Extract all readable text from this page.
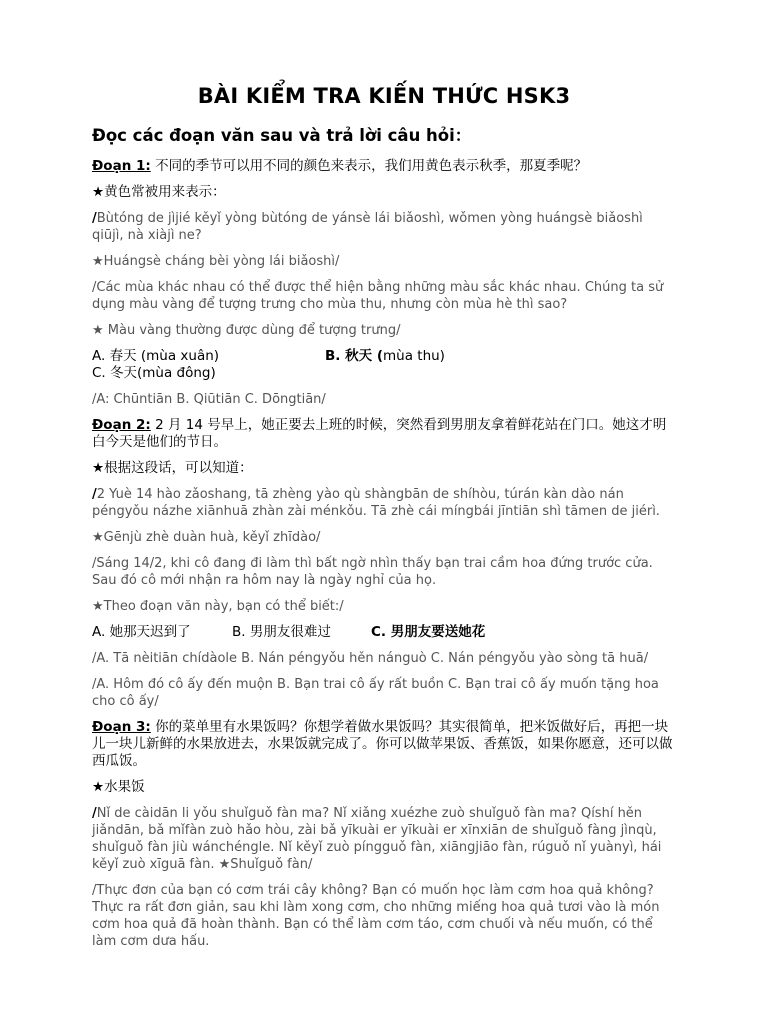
BÀI KIỂM TRA KIẾN THỨC HSK3
Đọc các đoạn văn sau và trả lời câu hỏi：
Đoạn 1: 不同的季节可以用不同的颜色来表示，我们用黄色表示秋季，那夏季呢？
★黄色常被用来表示：
/Bùtóng de jìjié kěyǐ yòng bùtóng de yánsè lái biǎoshì, wǒmen yòng huángsè biǎoshì qiūjì, nà xiàjì ne?
★Huángsè cháng bèi yòng lái biǎoshì/
/Các mùa khác nhau có thể được thể hiện bằng những màu sắc khác nhau. Chúng ta sử dụng màu vàng để tượng trưng cho mùa thu, nhưng còn mùa hè thì sao?
★ Màu vàng thường được dùng để tượng trưng/
A. 春天 (mùa xuân)	B. 秋天 (mùa thu)C. 冬天(mùa đông)
/A: Chūntiān B. Qiūtiān C. Dōngtiān/
Đoạn 2: 2 月 14 号早上，她正要去上班的时候，突然看到男朋友拿着鲜花站在门口。她这才明白今天是他们的节日。
★根据这段话，可以知道：
/2 Yuè 14 hào zǎoshang, tā zhèng yào qù shàngbān de shíhòu, túrán kàn dào nán péngyǒu názhe xiānhuā zhàn zài ménkǒu. Tā zhè cái míngbái jīntiān shì tāmen de jiérì.
★Gēnjù zhè duàn huà, kěyǐ zhīdào/
/Sáng 14/2, khi cô đang đi làm thì bất ngờ nhìn thấy bạn trai cầm hoa đứng trước cửa. Sau đó cô mới nhận ra hôm nay là ngày nghỉ của họ.
★Theo đoạn văn này, bạn có thể biết:/
A. 她那天迟到了	B. 男朋友很难过	C. 男朋友要送她花
/A. Tā nèitiān chídàole B. Nán péngyǒu hěn nánguò C. Nán péngyǒu yào sòng tā huā/
/A. Hôm đó cô ấy đến muộn B. Bạn trai cô ấy rất buồn C. Bạn trai cô ấy muốn tặng hoa cho cô ấy/
Đoạn 3: 你的菜单里有水果饭吗？你想学着做水果饭吗？其实很简单，把米饭做好后，再把一块儿一块儿新鲜的水果放进去，水果饭就完成了。你可以做苹果饭、香蕉饭，如果你愿意，还可以做西瓜饭。
★水果饭
/Nǐ de càidān li yǒu shuǐguǒ fàn ma? Nǐ xiǎng xuézhe zuò shuǐguǒ fàn ma? Qíshí hěn jiǎndān, bǎ mǐfàn zuò hǎo hòu, zài bǎ yīkuài er yīkuài er xīnxiān de shuǐguǒ fàng jìnqù, shuǐguǒ fàn jiù wánchéngle. Nǐ kěyǐ zuò píngguǒ fàn, xiāngjiāo fàn, rúguǒ nǐ yuànyì, hái kěyǐ zuò xīguā fàn. ★Shuǐguǒ fàn/
/Thực đơn của bạn có cơm trái cây không? Bạn có muốn học làm cơm hoa quả không? Thực ra rất đơn giản, sau khi làm xong cơm, cho những miếng hoa quả tươi vào là món cơm hoa quả đã hoàn thành. Bạn có thể làm cơm táo, cơm chuối và nếu muốn, có thể làm cơm dưa hấu.
